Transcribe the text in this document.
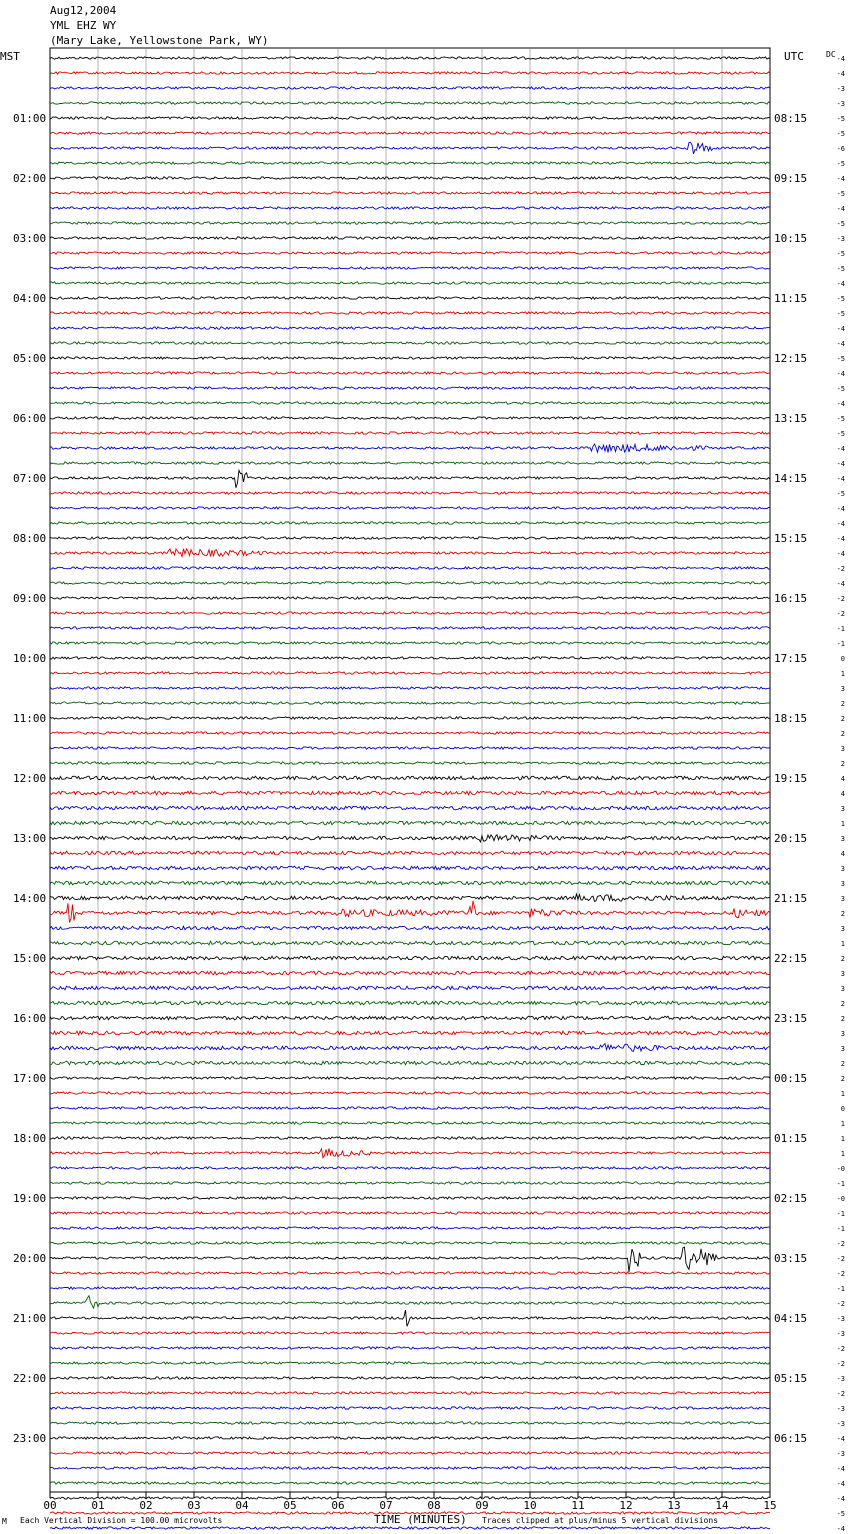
Aug12,2004
YML EHZ WY
(Mary Lake, Yellowstone Park, WY)
MST	UTC	DC
01:00
02:00
03:00
04:00
05:00
06:00
07:00
08:00
09:00
10:00
11:00
12:00
13:00
14:00
15:00
16:00
17:00
18:00
19:00
20:00
21:00
22:00
23:00
08:15
09:15
10:15
11:15
12:15
13:15
14:15
15:15
16:15
17:15
18:15
19:15
20:15
21:15
22:15
23:15
00:15
01:15
02:15
03:15
04:15
05:15
06:15
-4
-4
-3
-3
-5
-5
-6
-5
-4
-5
-4
-5
-3
-5
-5
-4
-5
-5
-4
-4
-5
-4
-5
-4
-5
-5
-4
-4
-4
-5
-4
-4
-4
-4
-2
-4
-2
-2
-1
-1
0
1
3
2
2
2
3
2
4
4
3
1
3
4
3
3
3
2
3
1
2
3
3
2
2
3
3
2
2
1
0
1
1
1
-0
-1
-0
-1
-1
-2
-2
-2
-1
-2
-3
-3
-2
-2
-3
-2
-3
-3
-4
-3
-4
-4
-4
-5
-4
00	01	02	03	04	05	06	07	08	09	10	11	12	13	14	15
M Each Vertical Division = 100.00 microvolts	TIME (MINUTES) Traces clipped at plus/minus 5 vertical divisions
